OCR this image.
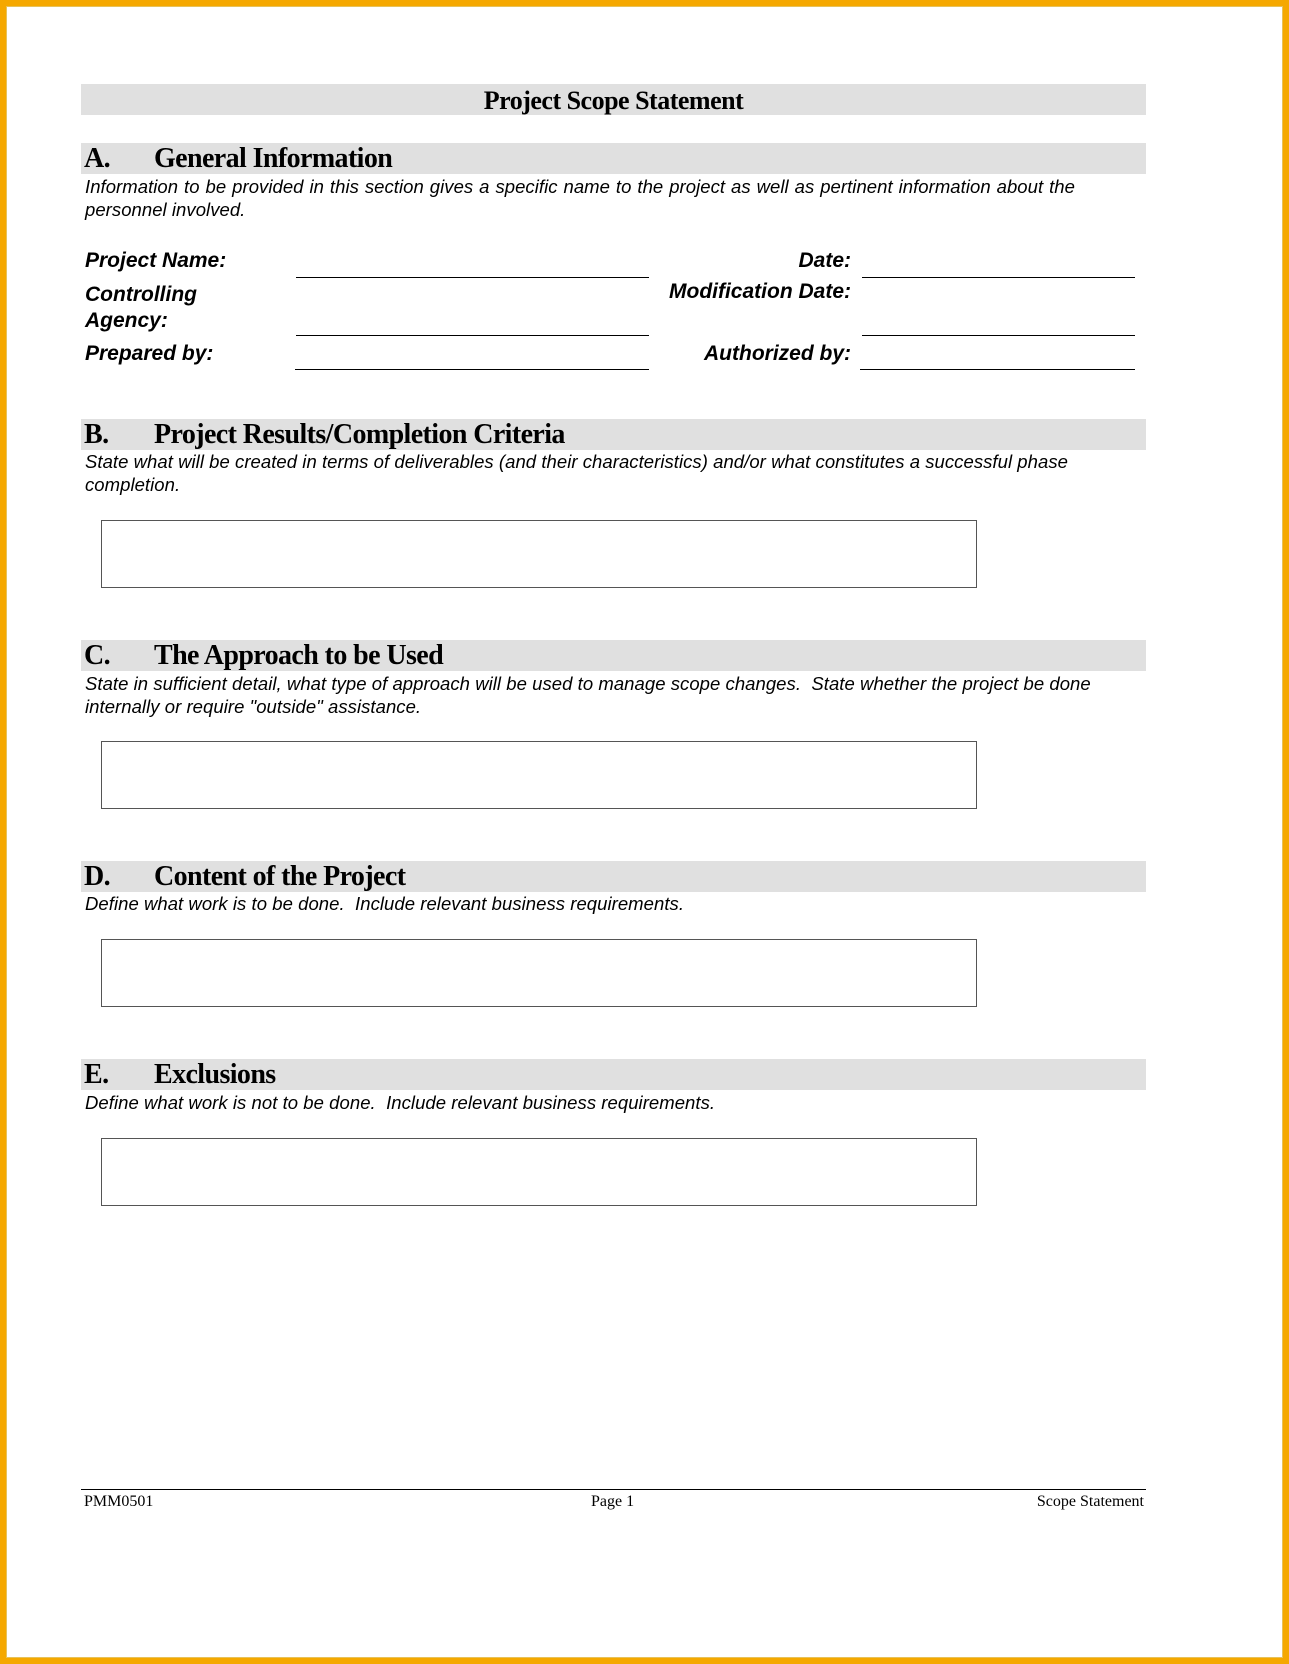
Project Scope Statement
A. General Information
Information to be provided in this section gives a specific name to the project as well as pertinent information about the personnel involved.
Project Name:
Controlling
Agency:
Prepared by:
Date:
Modification Date:
Authorized by:
B. Project Results/Completion Criteria
State what will be created in terms of deliverables (and their characteristics) and/or what constitutes a successful phase completion.
C. The Approach to be Used
State in sufficient detail, what type of approach will be used to manage scope changes.  State whether the project be done internally or require "outside" assistance.
D. Content of the Project
Define what work is to be done.  Include relevant business requirements.
E. Exclusions
Define what work is not to be done.  Include relevant business requirements.
PMM0501	Page 1	Scope Statement
